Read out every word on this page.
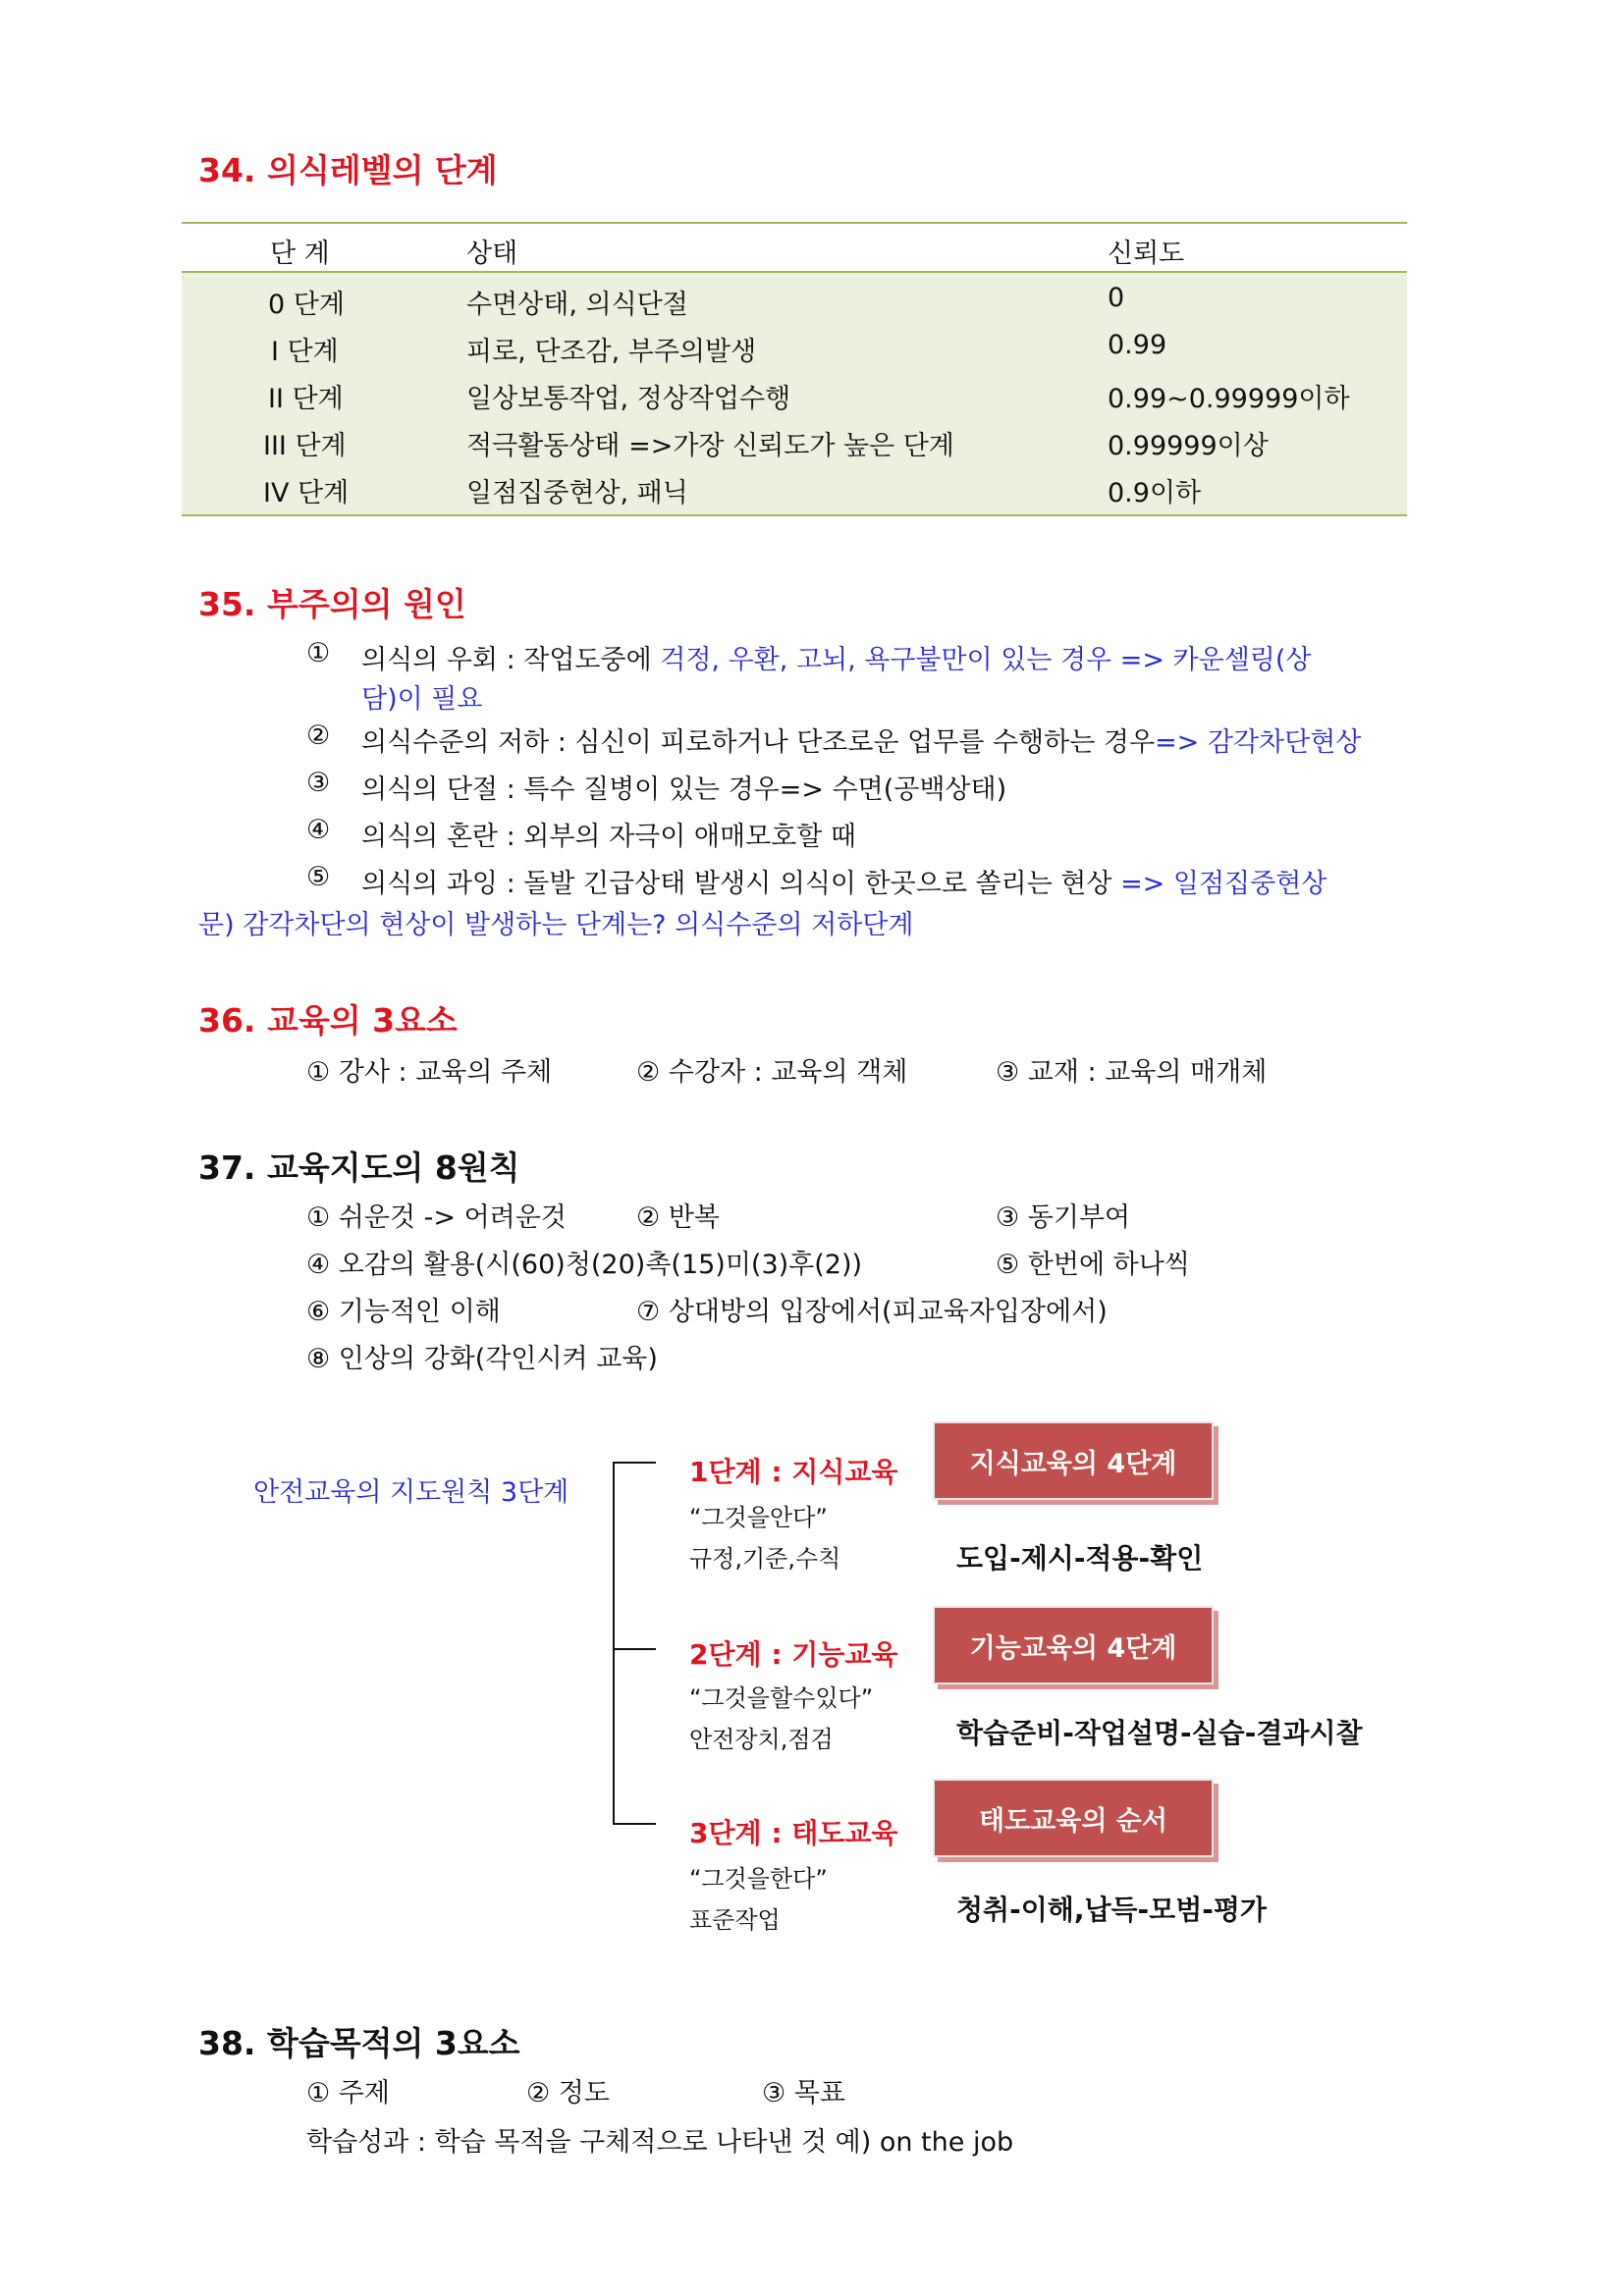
34. 의식레벨의 단계
단 계	상태	신뢰도
0 단계	수면상태, 의식단절	0
I 단계	피로, 단조감, 부주의발생	0.99
II 단계	일상보통작업, 정상작업수행	0.99~0.99999이하
III 단계	적극활동상태 =>가장 신뢰도가 높은 단계	0.99999이상
IV 단계	일점집중현상, 패닉	0.9이하
35. 부주의의 원인
① 의식의 우회 : 작업도중에 걱정, 우환, 고뇌, 욕구불만이 있는 경우 => 카운셀링(상
담)이 필요
② 의식수준의 저하 : 심신이 피로하거나 단조로운 업무를 수행하는 경우=> 감각차단현상
③ 의식의 단절 : 특수 질병이 있는 경우=> 수면(공백상태)
④ 의식의 혼란 : 외부의 자극이 애매모호할 때
⑤ 의식의 과잉 : 돌발 긴급상태 발생시 의식이 한곳으로 쏠리는 현상 => 일점집중현상
문) 감각차단의 현상이 발생하는 단계는? 의식수준의 저하단계
36. 교육의 3요소
① 강사 : 교육의 주체	② 수강자 : 교육의 객체	③ 교재 : 교육의 매개체
37. 교육지도의 8원칙
① 쉬운것 -> 어려운것	② 반복	③ 동기부여
④ 오감의 활용(시(60)청(20)촉(15)미(3)후(2))	⑤ 한번에 하나씩
⑥ 기능적인 이해	⑦ 상대방의 입장에서(피교육자입장에서)
⑧ 인상의 강화(각인시켜 교육)
안전교육의 지도원칙 3단계
1단계 : 지식교육
“그것을안다”
규정,기준,수칙
지식교육의 4단계
도입-제시-적용-확인
2단계 : 기능교육
“그것을할수있다”
안전장치,점검
기능교육의 4단계
학습준비-작업설명-실습-결과시찰
3단계 : 태도교육
“그것을한다”
표준작업
태도교육의 순서
청취-이해,납득-모범-평가
38. 학습목적의 3요소
① 주제	② 정도	③ 목표
학습성과 : 학습 목적을 구체적으로 나타낸 것 예) on the job
